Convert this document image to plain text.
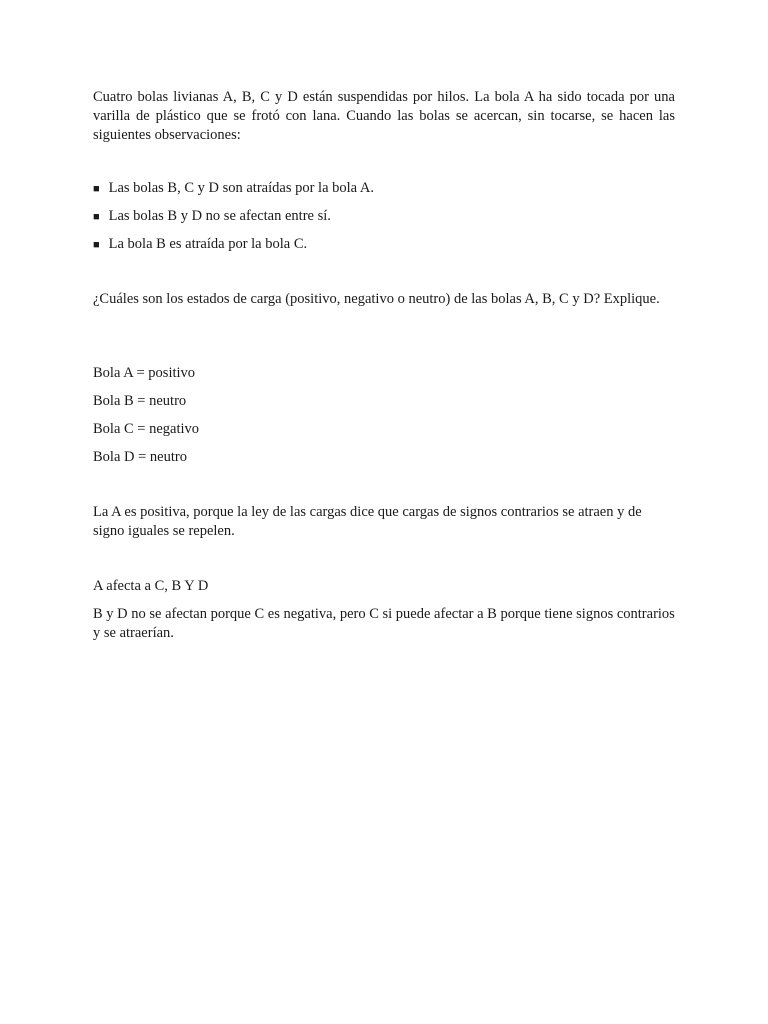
Cuatro bolas livianas A, B, C y D están suspendidas por hilos. La bola A ha sido tocada por una varilla de plástico que se frotó con lana. Cuando las bolas se acercan, sin tocarse, se hacen las siguientes observaciones:

■ Las bolas B, C y D son atraídas por la bola A.

■ Las bolas B y D no se afectan entre sí.

■ La bola B es atraída por la bola C.

¿Cuáles son los estados de carga (positivo, negativo o neutro) de las bolas A, B, C y D? Explique.

Bola A = positivo

Bola B = neutro

Bola C = negativo

Bola D = neutro

La A es positiva, porque la ley de las cargas dice que cargas de signos contrarios se atraen y de signo iguales se repelen.

A afecta a C, B Y D

B y D no se afectan porque C es negativa, pero C si puede afectar a B porque tiene signos contrarios y se atraerían.
